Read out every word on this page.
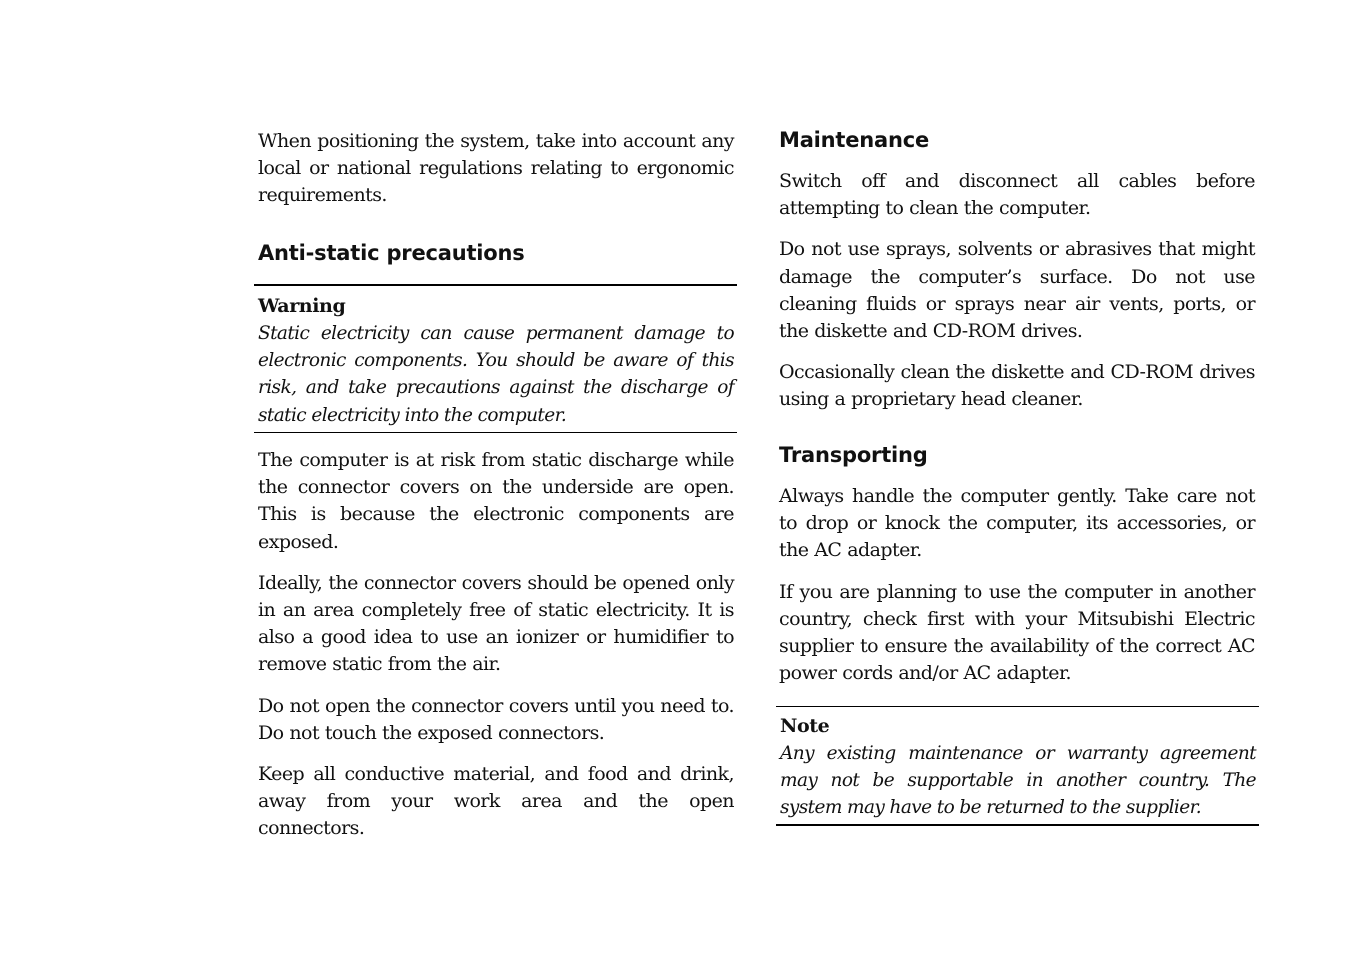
When positioning the system, take into account any local or national regulations relating to ergonomic requirements.

Anti-static precautions

Warning

Static electricity can cause permanent damage to electronic components. You should be aware of this risk, and take precautions against the discharge of static electricity into the computer.

The computer is at risk from static discharge while the connector covers on the underside are open. This is because the electronic components are exposed.

Ideally, the connector covers should be opened only in an area completely free of static electricity. It is also a good idea to use an ionizer or humidifier to remove static from the air.

Do not open the connector covers until you need to. Do not touch the exposed connectors.

Keep all conductive material, and food and drink, away from your work area and the open connectors.

Maintenance

Switch off and disconnect all cables before attempting to clean the computer.

Do not use sprays, solvents or abrasives that might damage the computer’s surface. Do not use cleaning fluids or sprays near air vents, ports, or the diskette and CD-ROM drives.

Occasionally clean the diskette and CD-ROM drives using a proprietary head cleaner.

Transporting

Always handle the computer gently. Take care not to drop or knock the computer, its accessories, or the AC adapter.

If you are planning to use the computer in another country, check first with your Mitsubishi Electric supplier to ensure the availability of the correct AC power cords and/or AC adapter.

Note

Any existing maintenance or warranty agreement may not be supportable in another country. The system may have to be returned to the supplier.
